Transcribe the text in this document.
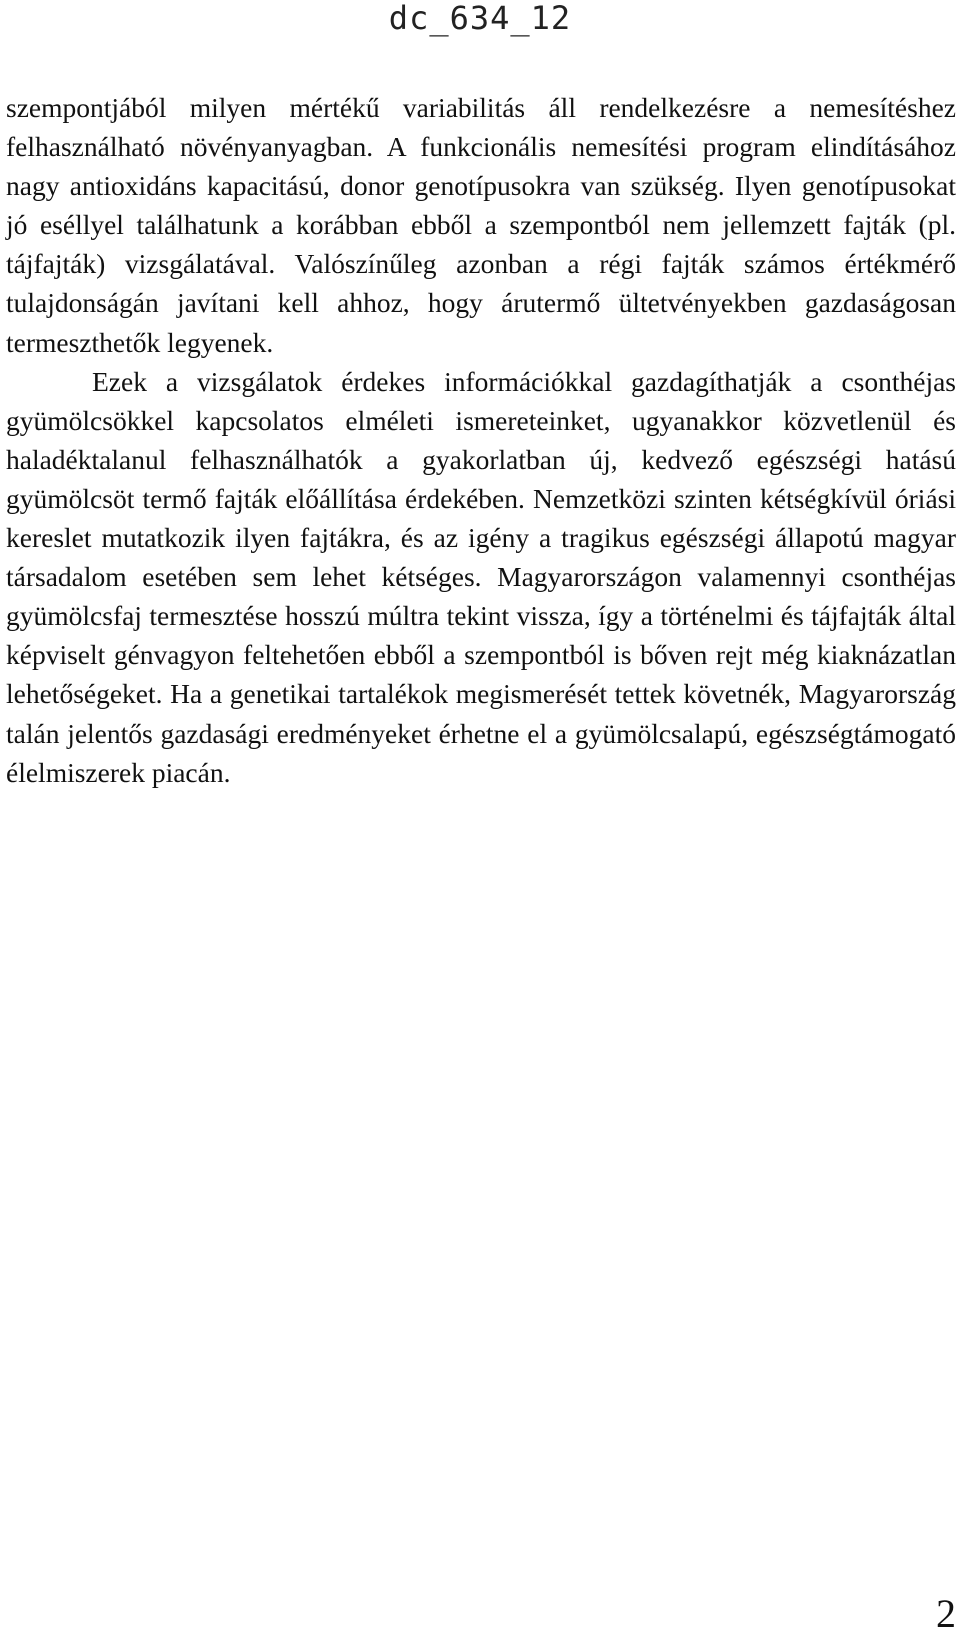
dc_634_12

szempontjából milyen mértékű variabilitás áll rendelkezésre a nemesítéshez felhasználható növényanyagban. A funkcionális nemesítési program elindításához nagy antioxidáns kapacitású, donor genotípusokra van szükség. Ilyen genotípusokat jó eséllyel találhatunk a korábban ebből a szempontból nem jellemzett fajták (pl. tájfajták) vizsgálatával. Valószínűleg azonban a régi fajták számos értékmérő tulajdonságán javítani kell ahhoz, hogy árutermő ültetvényekben gazdaságosan termeszthetők legyenek.

Ezek a vizsgálatok érdekes információkkal gazdagíthatják a csonthéjas gyümölcsökkel kapcsolatos elméleti ismereteinket, ugyanakkor közvetlenül és haladéktalanul felhasználhatók a gyakorlatban új, kedvező egészségi hatású gyümölcsöt termő fajták előállítása érdekében. Nemzetközi szinten kétségkívül óriási kereslet mutatkozik ilyen fajtákra, és az igény a tragikus egészségi állapotú magyar társadalom esetében sem lehet kétséges. Magyarországon valamennyi csonthéjas gyümölcsfaj termesztése hosszú múltra tekint vissza, így a történelmi és tájfajták által képviselt génvagyon feltehetően ebből a szempontból is bőven rejt még kiaknázatlan lehetőségeket. Ha a genetikai tartalékok megismerését tettek követnék, Magyarország talán jelentős gazdasági eredményeket érhetne el a gyümölcsalapú, egészségtámogató élelmiszerek piacán.

2
